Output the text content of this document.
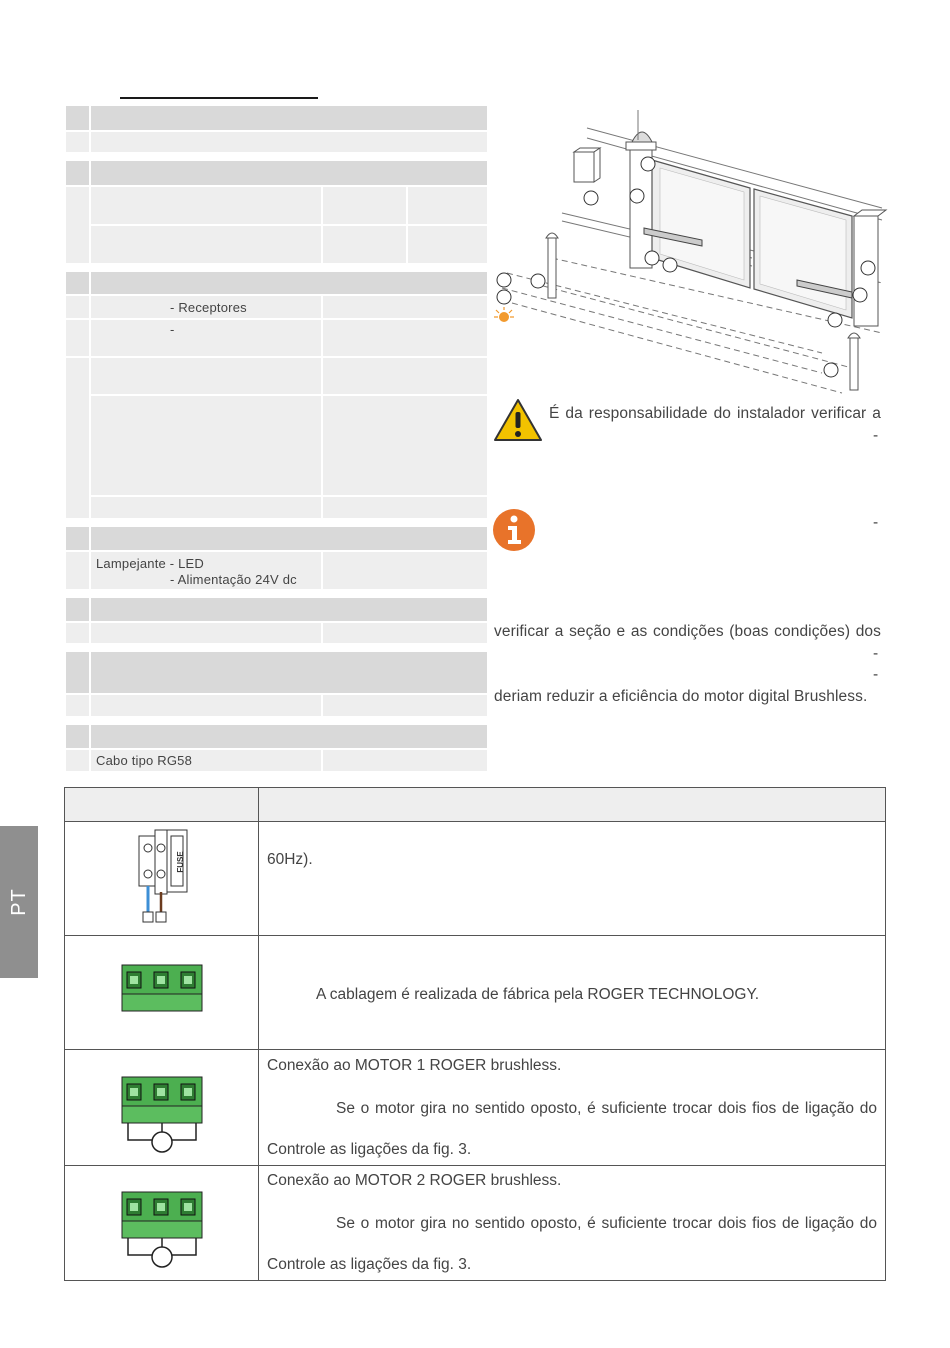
- Receptores
-
Lampejante - LED
- Alimentação 24V dc
Cabo tipo RG58
É da responsabilidade do instalador verificar a
-
-
verificar a seção e as condições (boas condições) dos
-
-
deriam reduzir a eficiência do motor digital Brushless.
FUSE	60Hz).
A cablagem é realizada de fábrica pela ROGER TECHNOLOGY.
Conexão ao MOTOR 1 ROGER brushless.
Se o motor gira no sentido oposto, é suficiente trocar dois fios de ligação do
Controle as ligações da fig. 3.
Conexão ao MOTOR 2 ROGER brushless.
Se o motor gira no sentido oposto, é suficiente trocar dois fios de ligação do
Controle as ligações da fig. 3.
PT
